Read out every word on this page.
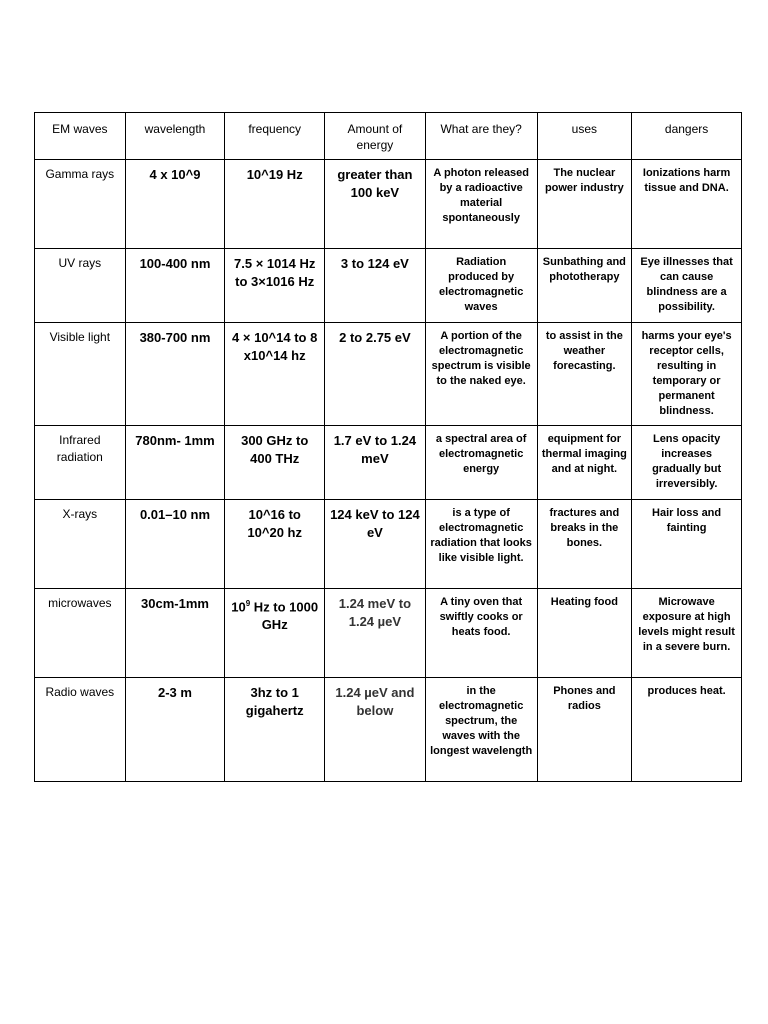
EM waves	wavelength	frequency	Amount of energy	What are they?	uses	dangers
Gamma rays	4 x 10^9	10^19 Hz	greater than 100 keV	A photon released by a radioactive material spontaneously	The nuclear power industry	Ionizations harm tissue and DNA.
UV rays	100-400 nm	7.5 × 1014 Hz to 3×1016 Hz	3 to 124 eV	Radiation produced by electromagnetic waves	Sunbathing and phototherapy	Eye illnesses that can cause blindness are a possibility.
Visible light	380-700 nm	4 × 10^14 to 8 x10^14 hz	2 to 2.75 eV	A portion of the electromagnetic spectrum is visible to the naked eye.	to assist in the weather forecasting.	harms your eye's receptor cells, resulting in temporary or permanent blindness.
Infrared radiation	780nm- 1mm	300 GHz to 400 THz	1.7 eV to 1.24 meV	a spectral area of electromagnetic energy	equipment for thermal imaging and at night.	Lens opacity increases gradually but irreversibly.
X-rays	0.01–10 nm	10^16 to 10^20 hz	124 keV to 124 eV	is a type of electromagnetic radiation that looks like visible light.	fractures and breaks in the bones.	Hair loss and fainting
microwaves	30cm-1mm	$10^9$ Hz to 1000 GHz	1.24 meV to 1.24 µeV	A tiny oven that swiftly cooks or heats food.	Heating food	Microwave exposure at high levels might result in a severe burn.
Radio waves	2-3 m	3hz to 1 gigahertz	1.24 µeV and below	in the electromagnetic spectrum, the waves with the longest wavelength	Phones and radios	produces heat.
